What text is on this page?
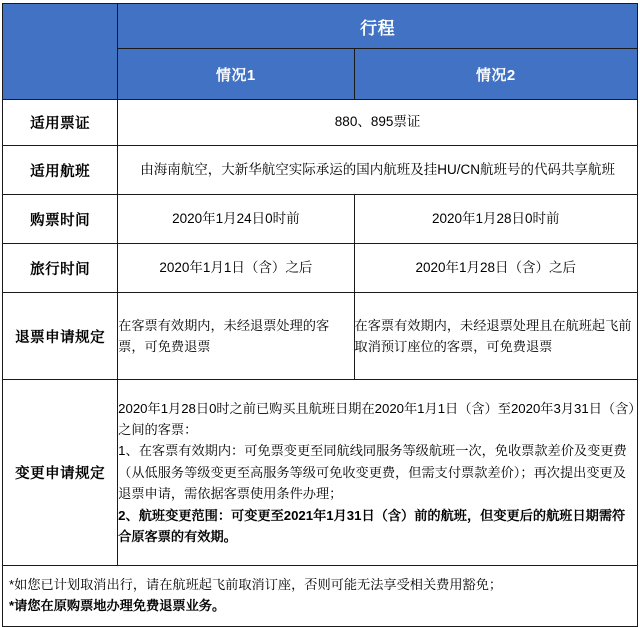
	行程	
	情况1	情况2
适用票证	880、895票证	
适用航班	由海南航空，大新华航空实际承运的国内航班及挂HU/CN航班号的代码共享航班	
购票时间	2020年1月24日0时前	2020年1月28日0时前
旅行时间	2020年1月1日（含）之后	2020年1月28日（含）之后
退票申请规定	在客票有效期内，未经退票处理的客票，可免费退票	在客票有效期内，未经退票处理且在航班起飞前取消预订座位的客票，可免费退票
变更申请规定	2020年1月28日0时之前已购买且航班日期在2020年1月1日（含）至2020年3月31日（含）之间的客票：

1、在客票有效期内：可免票变更至同航线同服务等级航班一次，免收票款差价及变更费（从低服务等级变更至高服务等级可免收变更费，但需支付票款差价）；再次提出变更及退票申请，需依据客票使用条件办理；

2、航班变更范围：可变更至2021年1月31日（含）前的航班，但变更后的航班日期需符合原客票的有效期。	

*如您已计划取消出行，请在航班起飞前取消订座，否则可能无法享受相关费用豁免；

*请您在原购票地办理免费退票业务。
